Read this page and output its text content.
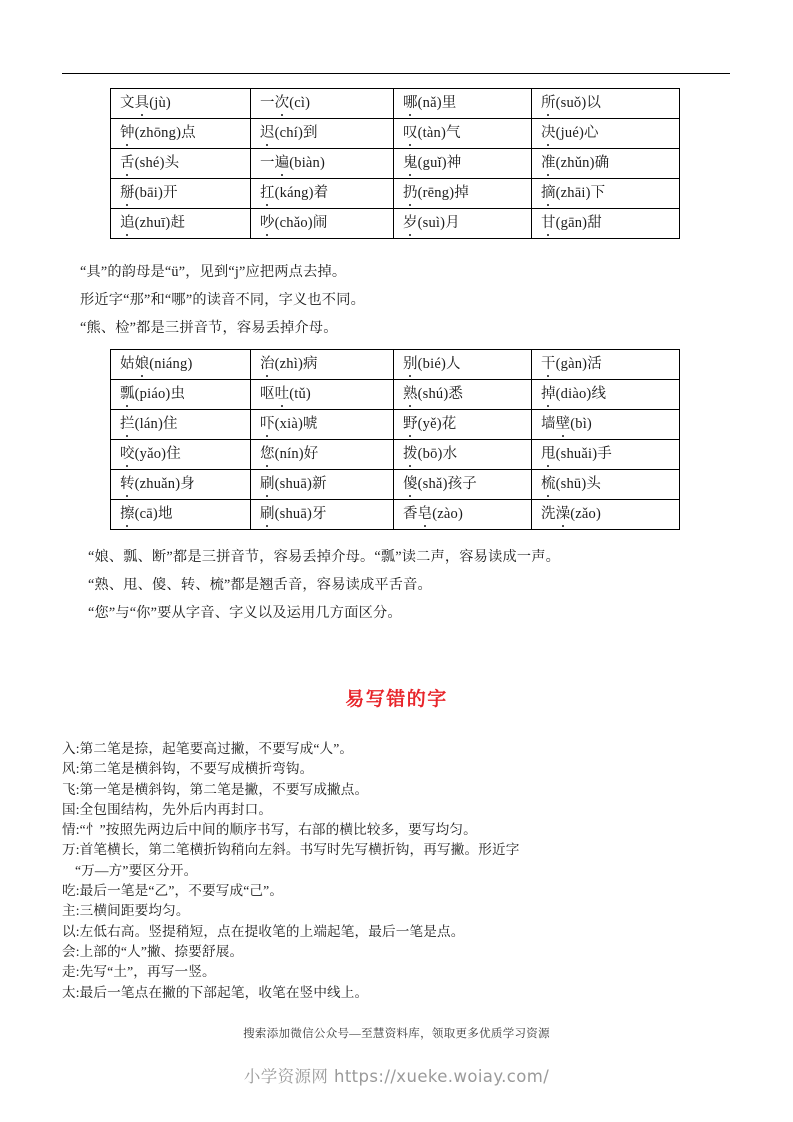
文具(jù)	一次(cì)	哪(nǎ)里	所(suǒ)以
钟(zhōng)点	迟(chí)到	叹(tàn)气	决(jué)心
舌(shé)头	一遍(biàn)	鬼(guǐ)神	准(zhǔn)确
掰(bāi)开	扛(káng)着	扔(rēng)掉	摘(zhāi)下
追(zhuī)赶	吵(chǎo)闹	岁(suì)月	甘(gān)甜
“具”的韵母是“ü”，见到“j”应把两点去掉。
形近字“那”和“哪”的读音不同，字义也不同。
“熊、检”都是三拼音节，容易丢掉介母。
姑娘(niáng)	治(zhì)病	别(bié)人	干(gàn)活
瓢(piáo)虫	呕吐(tǔ)	熟(shú)悉	掉(diào)线
拦(lán)住	吓(xià)唬	野(yě)花	墙壁(bì)
咬(yǎo)住	您(nín)好	拨(bō)水	甩(shuǎi)手
转(zhuǎn)身	刷(shuā)新	傻(shǎ)孩子	梳(shū)头
擦(cā)地	刷(shuā)牙	香皂(zào)	洗澡(zǎo)
“娘、瓢、断”都是三拼音节，容易丢掉介母。“瓢”读二声，容易读成一声。
“熟、甩、傻、转、梳”都是翘舌音，容易读成平舌音。
“您”与“你”要从字音、字义以及运用几方面区分。
易写错的字
入:第二笔是捺，起笔要高过撇，不要写成“人”。
风:第二笔是横斜钩，不要写成横折弯钩。
飞:第一笔是横斜钩，第二笔是撇，不要写成撇点。
国:全包围结构，先外后内再封口。
情:“忄”按照先两边后中间的顺序书写，右部的横比较多，要写均匀。
万:首笔横长，第二笔横折钩稍向左斜。书写时先写横折钩，再写撇。形近字
“万—方”要区分开。
吃:最后一笔是“乙”，不要写成“己”。
主:三横间距要均匀。
以:左低右高。竖提稍短，点在提收笔的上端起笔，最后一笔是点。
会:上部的“人”撇、捺要舒展。
走:先写“土”，再写一竖。
太:最后一笔点在撇的下部起笔，收笔在竖中线上。
搜索添加微信公众号—至慧资料库，领取更多优质学习资源
小学资源网 https://xueke.woiay.com/
